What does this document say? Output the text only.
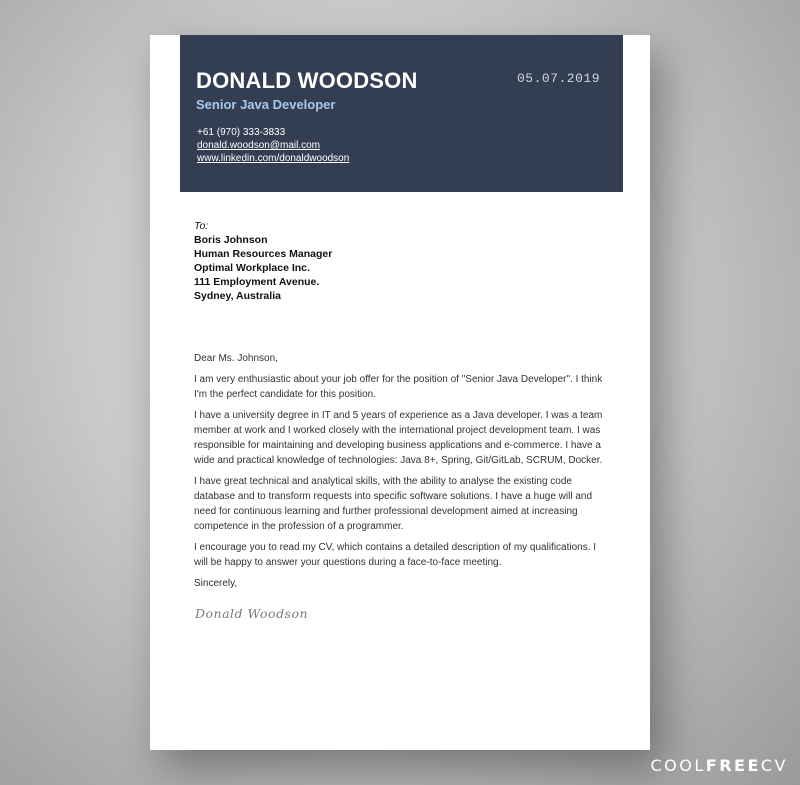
DONALD WOODSON
Senior Java Developer
05.07.2019
+61 (970) 333-3833
donald.woodson@mail.com
www.linkedin.com/donaldwoodson
To:
Boris Johnson
Human Resources Manager
Optimal Workplace Inc.
111 Employment Avenue.
Sydney, Australia

Dear Ms. Johnson,

I am very enthusiastic about your job offer for the position of "Senior Java Developer". I think I'm the perfect candidate for this position.

I have a university degree in IT and 5 years of experience as a Java developer. I was a team member at work and I worked closely with the international project development team. I was responsible for maintaining and developing business applications and e-commerce. I have a wide and practical knowledge of technologies: Java 8+, Spring, Git/GitLab, SCRUM, Docker.

I have great technical and analytical skills, with the ability to analyse the existing code database and to transform requests into specific software solutions. I have a huge will and need for continuous learning and further professional development aimed at increasing competence in the profession of a programmer.

I encourage you to read my CV, which contains a detailed description of my qualifications. I will be happy to answer your questions during a face-to-face meeting.

Sincerely,

Donald Woodson
COOLFREECV
